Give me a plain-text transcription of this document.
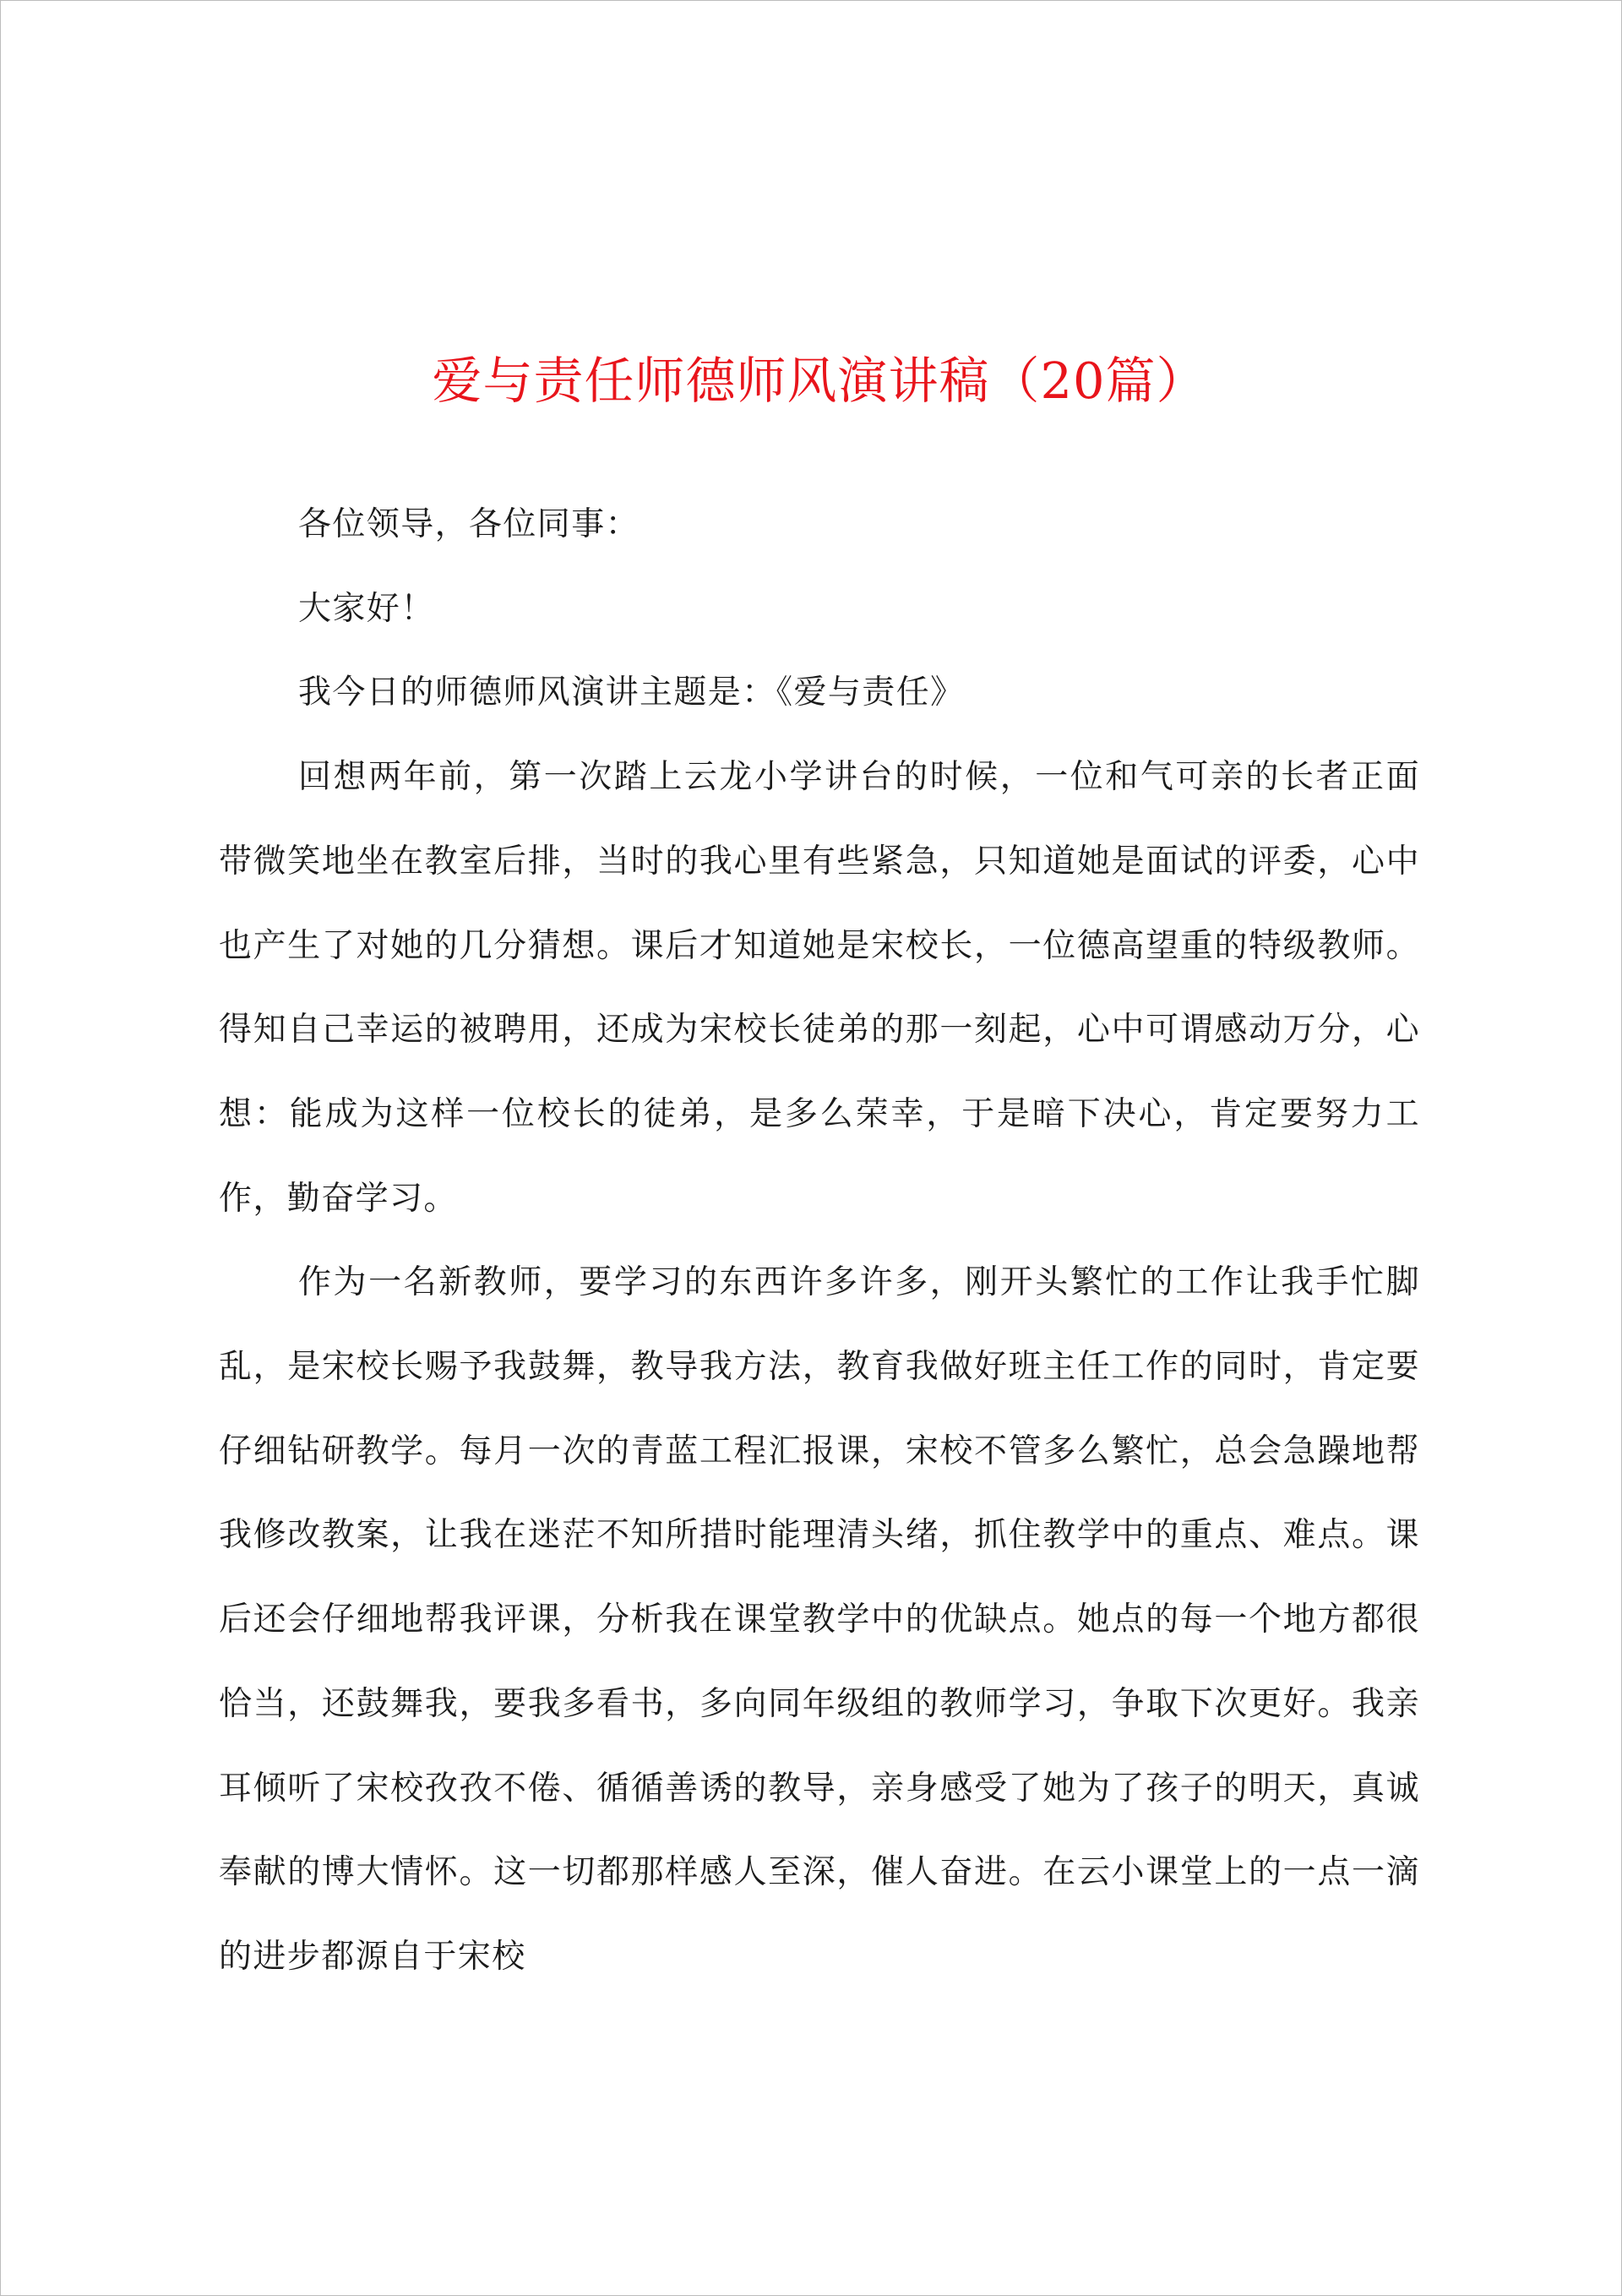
爱与责任师德师风演讲稿（20篇）

各位领导，各位同事：

大家好！

我今日的师德师风演讲主题是：《爱与责任》

回想两年前，第一次踏上云龙小学讲台的时候，一位和气可亲的长者正面带微笑地坐在教室后排，当时的我心里有些紧急，只知道她是面试的评委，心中也产生了对她的几分猜想。课后才知道她是宋校长，一位德高望重的特级教师。得知自己幸运的被聘用，还成为宋校长徒弟的那一刻起，心中可谓感动万分，心想：能成为这样一位校长的徒弟，是多么荣幸，于是暗下决心，肯定要努力工作，勤奋学习。

作为一名新教师，要学习的东西许多许多，刚开头繁忙的工作让我手忙脚乱，是宋校长赐予我鼓舞，教导我方法，教育我做好班主任工作的同时，肯定要仔细钻研教学。每月一次的青蓝工程汇报课，宋校不管多么繁忙，总会急躁地帮我修改教案，让我在迷茫不知所措时能理清头绪，抓住教学中的重点、难点。课后还会仔细地帮我评课，分析我在课堂教学中的优缺点。她点的每一个地方都很恰当，还鼓舞我，要我多看书，多向同年级组的教师学习，争取下次更好。我亲耳倾听了宋校孜孜不倦、循循善诱的教导，亲身感受了她为了孩子的明天，真诚奉献的博大情怀。这一切都那样感人至深，催人奋进。在云小课堂上的一点一滴的进步都源自于宋校
